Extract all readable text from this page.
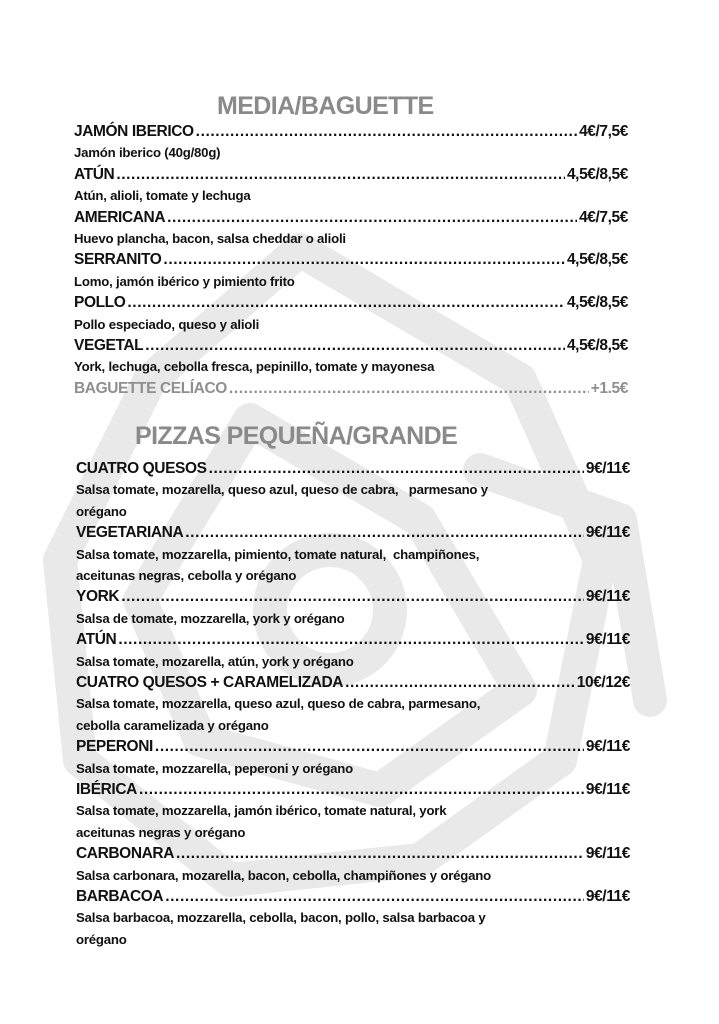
MEDIA/BAGUETTE
JAMÓN IBERICO .....	4€/7,5€
Jamón iberico (40g/80g)
ATÚN .....	4,5€/8,5€
Atún, alioli, tomate y lechuga
AMERICANA .....	4€/7,5€
Huevo plancha, bacon, salsa cheddar o alioli
SERRANITO .....	4,5€/8,5€
Lomo, jamón ibérico y pimiento frito
POLLO .....	4,5€/8,5€
Pollo especiado, queso y alioli
VEGETAL .....	4,5€/8,5€
York, lechuga, cebolla fresca, pepinillo, tomate y mayonesa
BAGUETTE CELÍACO .....	+1.5€
PIZZAS PEQUEÑA/GRANDE
CUATRO QUESOS .....	9€/11€
Salsa tomate, mozarella, queso azul, queso de cabra,   parmesano y
orégano
VEGETARIANA .....	9€/11€
Salsa tomate, mozzarella, pimiento, tomate natural,  champiñones,
aceitunas negras, cebolla y orégano
YORK .....	9€/11€
Salsa de tomate, mozzarella, york y orégano
ATÚN .....	9€/11€
Salsa tomate, mozarella, atún, york y orégano
CUATRO QUESOS + CARAMELIZADA .....	10€/12€
Salsa tomate, mozzarella, queso azul, queso de cabra, parmesano,
cebolla caramelizada y orégano
PEPERONI .....	9€/11€
Salsa tomate, mozzarella, peperoni y orégano
IBÉRICA .....	9€/11€
Salsa tomate, mozzarella, jamón ibérico, tomate natural, york
aceitunas negras y orégano
CARBONARA .....	9€/11€
Salsa carbonara, mozarella, bacon, cebolla, champiñones y orégano
BARBACOA .....	9€/11€
Salsa barbacoa, mozzarella, cebolla, bacon, pollo, salsa barbacoa y
orégano
